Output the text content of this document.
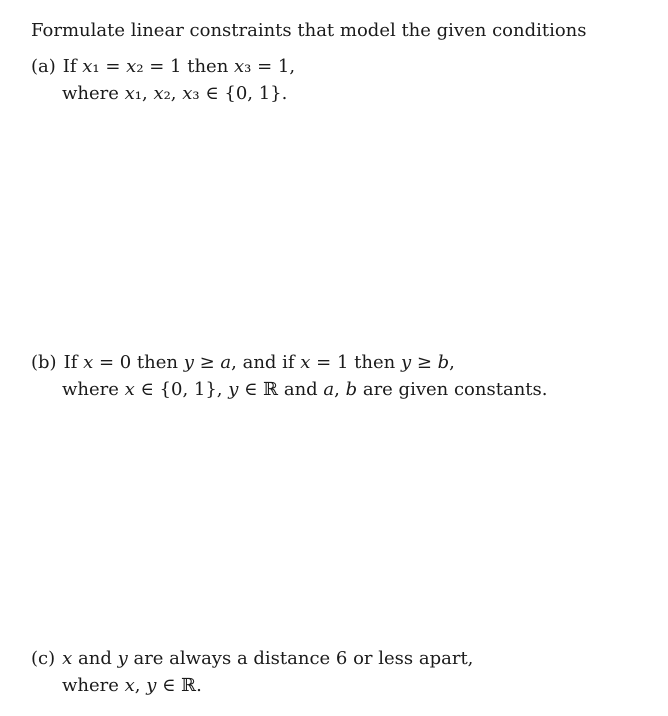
Formulate linear constraints that model the given conditions
(a) If 𝑥₁ = 𝑥₂ = 1 then 𝑥₃ = 1,
where 𝑥₁, 𝑥₂, 𝑥₃ ∈ {0, 1}.
(b) If 𝑥 = 0 then 𝑦 ≥ 𝑎, and if 𝑥 = 1 then 𝑦 ≥ 𝑏,
where 𝑥 ∈ {0, 1}, 𝑦 ∈ ℝ and 𝑎, 𝑏 are given constants.
(c) 𝑥 and 𝑦 are always a distance 6 or less apart,
where 𝑥, 𝑦 ∈ ℝ.
